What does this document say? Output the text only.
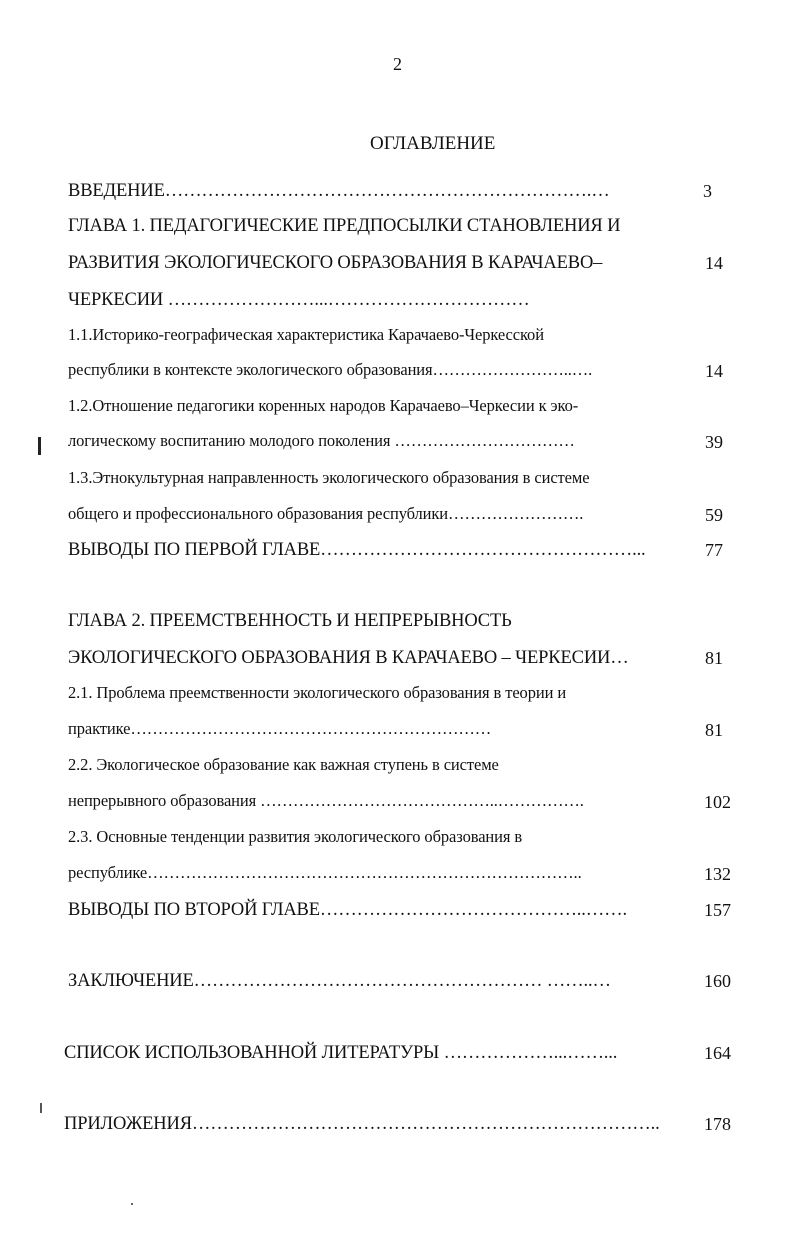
2
ОГЛАВЛЕНИЕ
ВВЕДЕНИЕ…………………………………………………………….…	3
ГЛАВА 1. ПЕДАГОГИЧЕСКИЕ ПРЕДПОСЫЛКИ СТАНОВЛЕНИЯ И
РАЗВИТИЯ ЭКОЛОГИЧЕСКОГО ОБРАЗОВАНИЯ В КАРАЧАЕВО–	14
ЧЕРКЕСИИ ……………………...……………………………
1.1.Историко-географическая характеристика Карачаево-Черкесской
республики в контексте экологического образования……………………..….	14
1.2.Отношение педагогики коренных народов Карачаево–Черкесии к эко-
логическому воспитанию молодого поколения ……………………………	39
1.3.Этнокультурная направленность экологического образования в системе
общего и профессионального образования республики…………………….	59
ВЫВОДЫ ПО ПЕРВОЙ ГЛАВЕ……………………………………………...	77
ГЛАВА 2. ПРЕЕМСТВЕННОСТЬ И НЕПРЕРЫВНОСТЬ
ЭКОЛОГИЧЕСКОГО ОБРАЗОВАНИЯ В КАРАЧАЕВО – ЧЕРКЕСИИ…	81
2.1. Проблема преемственности экологического образования в теории и
практике…………………………………………………………	81
2.2. Экологическое образование как важная ступень в системе
непрерывного образования ……………………………………..…………….	102
2.3. Основные тенденции развития экологического образования в
республике……………………………………………………………………..	132
ВЫВОДЫ ПО ВТОРОЙ ГЛАВЕ……………………………………..…….	157
ЗАКЛЮЧЕНИЕ………………………………………………… ……..…	160
СПИСОК ИСПОЛЬЗОВАННОЙ ЛИТЕРАТУРЫ ………………...……...	164
ПРИЛОЖЕНИЯ………………………………………………………………….. 178
